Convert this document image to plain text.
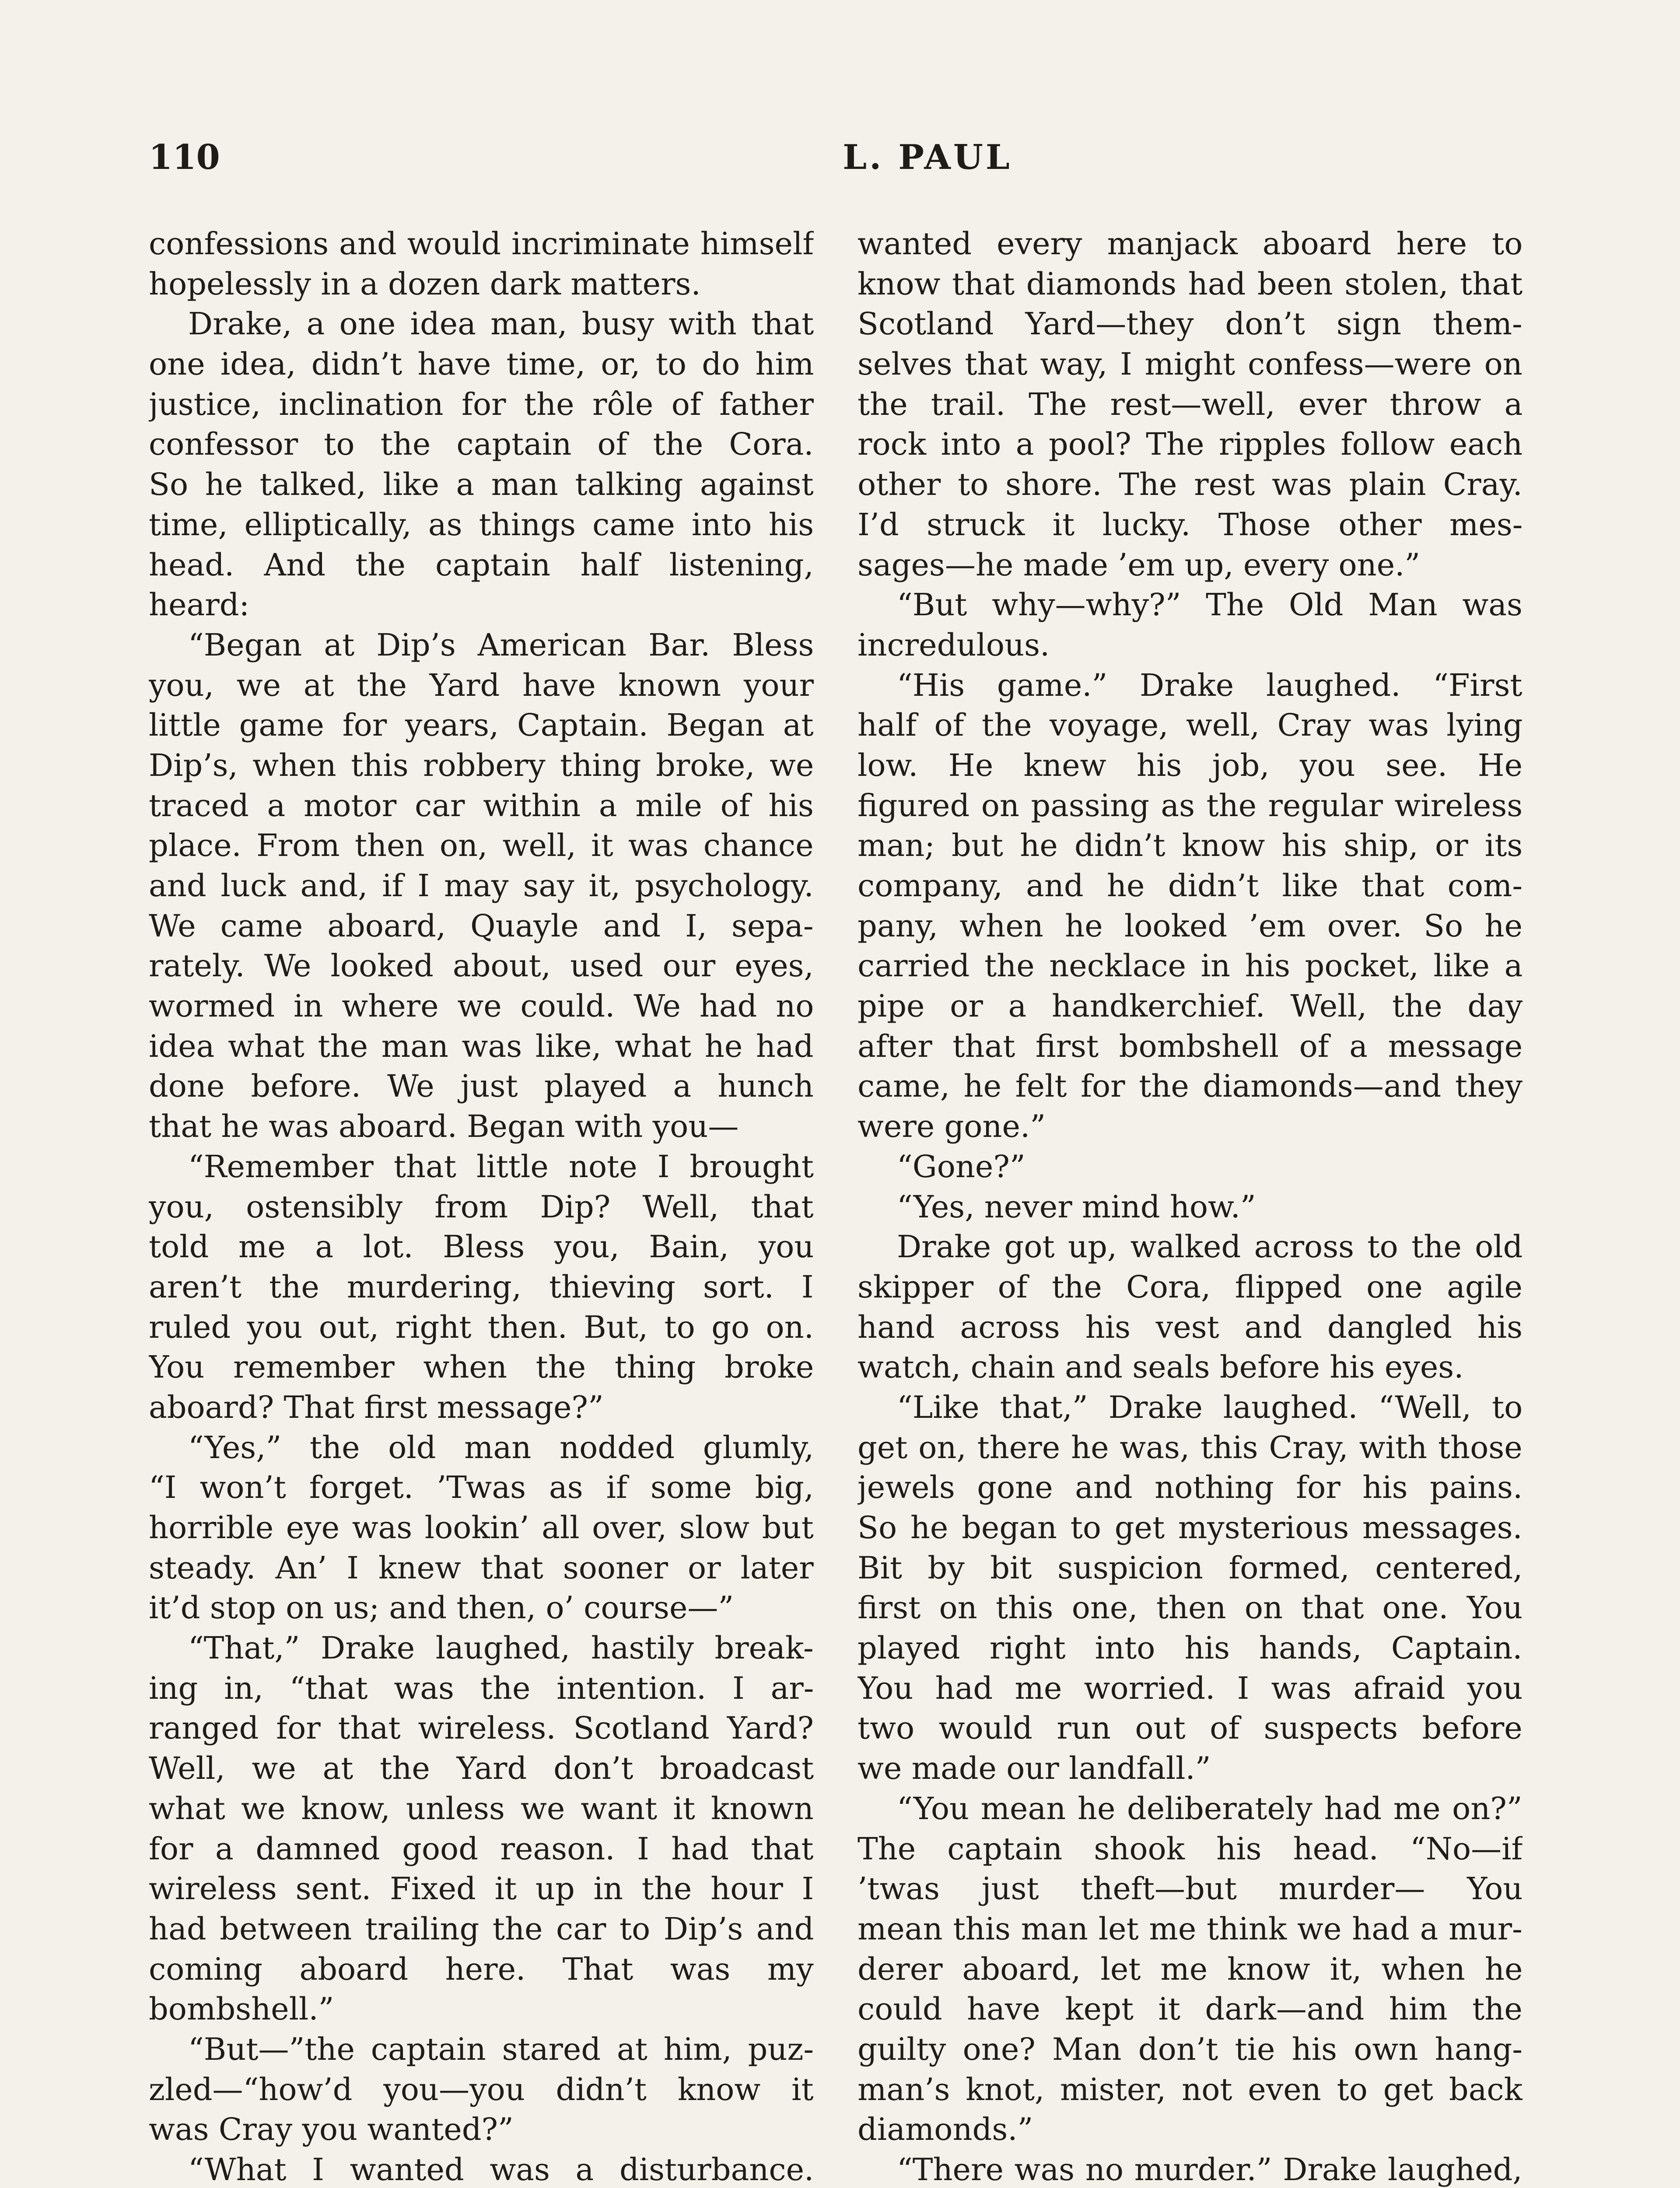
110	L. PAUL
confessions and would incriminate himself
hopelessly in a dozen dark matters.
Drake, a one idea man, busy with that
one idea, didn’t have time, or, to do him
justice, inclination for the rôle of father
confessor to the captain of the Cora.
So he talked, like a man talking against
time, elliptically, as things came into his
head. And the captain half listening,
heard:
“Began at Dip’s American Bar. Bless
you, we at the Yard have known your
little game for years, Captain. Began at
Dip’s, when this robbery thing broke, we
traced a motor car within a mile of his
place. From then on, well, it was chance
and luck and, if I may say it, psychology.
We came aboard, Quayle and I, sepa-
rately. We looked about, used our eyes,
wormed in where we could. We had no
idea what the man was like, what he had
done before. We just played a hunch
that he was aboard. Began with you—
“Remember that little note I brought
you, ostensibly from Dip? Well, that
told me a lot. Bless you, Bain, you
aren’t the murdering, thieving sort. I
ruled you out, right then. But, to go on.
You remember when the thing broke
aboard? That first message?”
“Yes,” the old man nodded glumly,
“I won’t forget. ’Twas as if some big,
horrible eye was lookin’ all over, slow but
steady. An’ I knew that sooner or later
it’d stop on us; and then, o’ course—”
“That,” Drake laughed, hastily break-
ing in, “that was the intention. I ar-
ranged for that wireless. Scotland Yard?
Well, we at the Yard don’t broadcast
what we know, unless we want it known
for a damned good reason. I had that
wireless sent. Fixed it up in the hour I
had between trailing the car to Dip’s and
coming aboard here. That was my
bombshell.”
“But—”the captain stared at him, puz-
zled—“how’d you—you didn’t know it
was Cray you wanted?”
“What I wanted was a disturbance.
wanted every manjack aboard here to
know that diamonds had been stolen, that
Scotland Yard—they don’t sign them-
selves that way, I might confess—were on
the trail. The rest—well, ever throw a
rock into a pool? The ripples follow each
other to shore. The rest was plain Cray.
I’d struck it lucky. Those other mes-
sages—he made ’em up, every one.”
“But why—why?” The Old Man was
incredulous.
“His game.” Drake laughed. “First
half of the voyage, well, Cray was lying
low. He knew his job, you see. He
figured on passing as the regular wireless
man; but he didn’t know his ship, or its
company, and he didn’t like that com-
pany, when he looked ’em over. So he
carried the necklace in his pocket, like a
pipe or a handkerchief. Well, the day
after that first bombshell of a message
came, he felt for the diamonds—and they
were gone.”
“Gone?”
“Yes, never mind how.”
Drake got up, walked across to the old
skipper of the Cora, flipped one agile
hand across his vest and dangled his
watch, chain and seals before his eyes.
“Like that,” Drake laughed. “Well, to
get on, there he was, this Cray, with those
jewels gone and nothing for his pains.
So he began to get mysterious messages.
Bit by bit suspicion formed, centered,
first on this one, then on that one. You
played right into his hands, Captain.
You had me worried. I was afraid you
two would run out of suspects before
we made our landfall.”
“You mean he deliberately had me on?”
The captain shook his head. “No—if
’twas just theft—but murder— You
mean this man let me think we had a mur-
derer aboard, let me know it, when he
could have kept it dark—and him the
guilty one? Man don’t tie his own hang-
man’s knot, mister, not even to get back
diamonds.”
“There was no murder.” Drake laughed,
